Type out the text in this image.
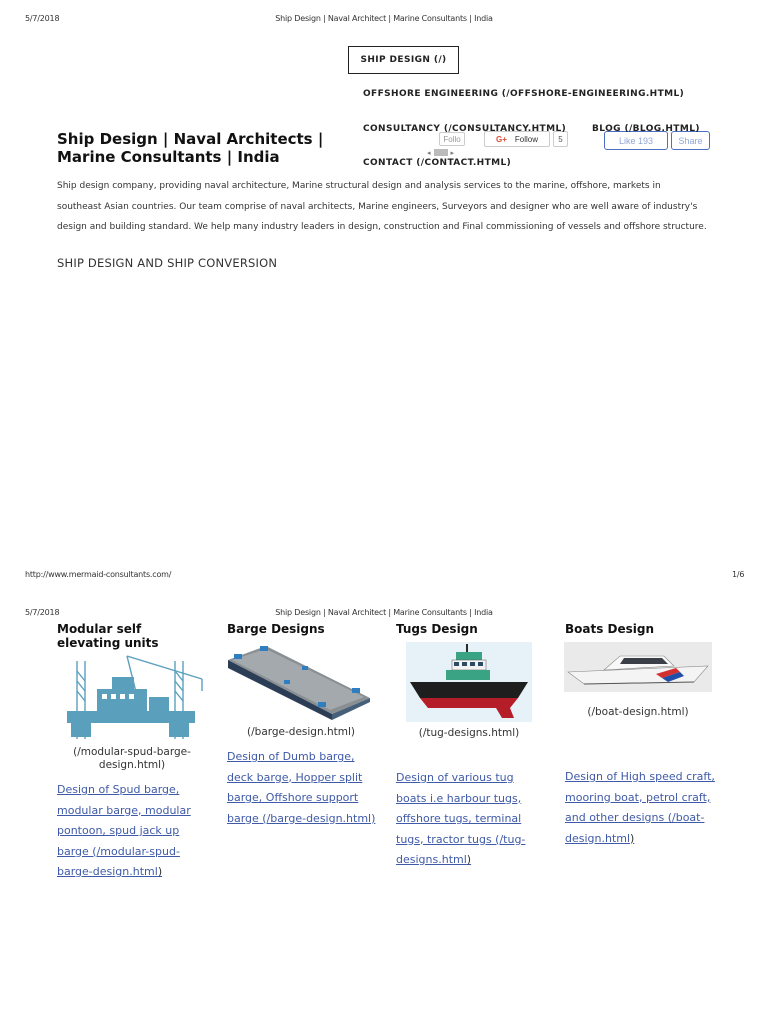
5/7/2018	Ship Design | Naval Architect | Marine Consultants | India
SHIP DESIGN (/)
OFFSHORE ENGINEERING (/OFFSHORE-ENGINEERING.HTML)
Follo	G+ Follow	5
◂	▸
Like 193	Share
CONSULTANCY (/CONSULTANCY.HTML)	BLOG (/BLOG.HTML)
CONTACT (/CONTACT.HTML)
Ship Design | Naval Architects | Marine Consultants | India
Ship design company, providing naval architecture, Marine structural design and analysis services to the marine, offshore, markets in southeast Asian countries. Our team comprise of naval architects, Marine engineers, Surveyors and designer who are well aware of industry's design and building standard. We help many industry leaders in design, construction and Final commissioning of vessels and offshore structure.
SHIP DESIGN AND SHIP CONVERSION
http://www.mermaid-consultants.com/	1/6
5/7/2018	Ship Design | Naval Architect | Marine Consultants | India
Modular self elevating units
(/modular-spud-barge-design.html)
Design of Spud barge, modular barge, modular pontoon, spud jack up barge (/modular-spud-barge-design.html)
Barge Designs
(/barge-design.html)
Design of Dumb barge, deck barge, Hopper split barge, Offshore support barge (/barge-design.html)
Tugs Design
(/tug-designs.html)
Design of various tug boats i.e harbour tugs, offshore tugs, terminal tugs, tractor tugs (/tug-designs.html)
Boats Design
(/boat-design.html)
Design of High speed craft, mooring boat, petrol craft, and other designs (/boat-design.html)
